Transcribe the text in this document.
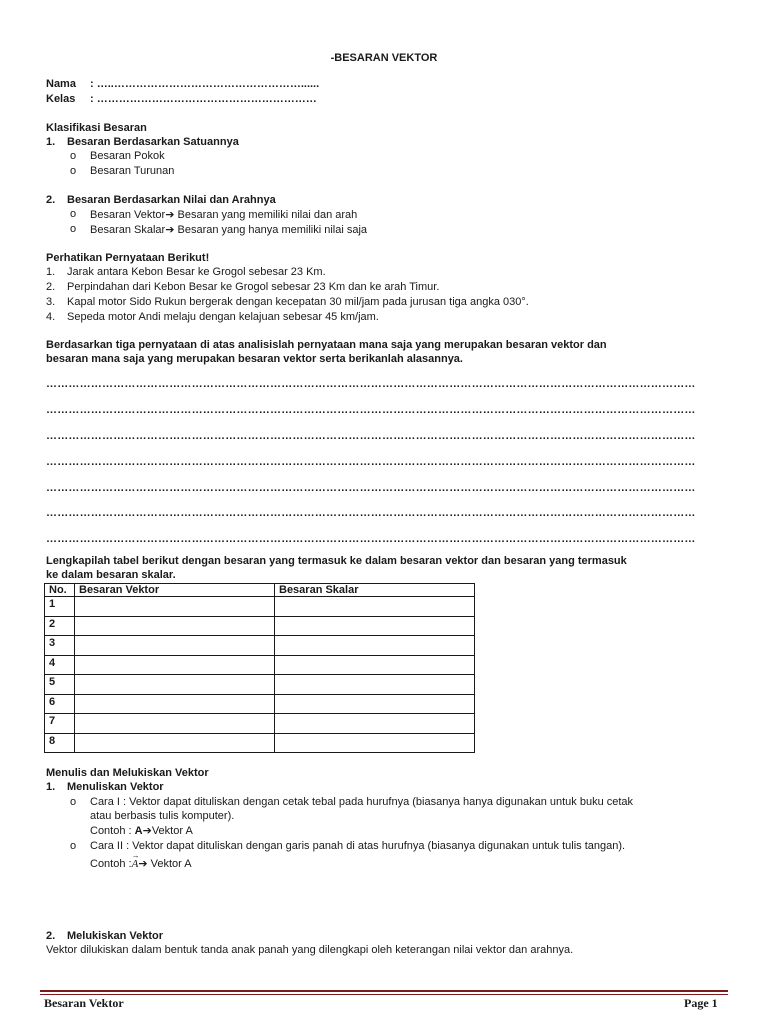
-BESARAN VEKTOR
Nama : …..……………………………………………......
Kelas : ……………………………………………………
Klasifikasi Besaran
1. Besaran Berdasarkan Satuannya
o Besaran Pokok
o Besaran Turunan
2. Besaran Berdasarkan Nilai dan Arahnya
o Besaran Vektor➔ Besaran yang memiliki nilai dan arah
o Besaran Skalar➔ Besaran yang hanya memiliki nilai saja
Perhatikan Pernyataan Berikut!
1. Jarak antara Kebon Besar ke Grogol sebesar 23 Km.
2. Perpindahan dari Kebon Besar ke Grogol sebesar 23 Km dan ke arah Timur.
3. Kapal motor Sido Rukun bergerak dengan kecepatan 30 mil/jam pada jurusan tiga angka 030°.
4. Sepeda motor Andi melaju dengan kelajuan sebesar 45 km/jam.
Berdasarkan tiga pernyataan di atas analisislah pernyataan mana saja yang merupakan besaran vektor dan
besaran mana saja yang merupakan besaran vektor serta berikanlah alasannya.
…………………………………………………………………………………………………………………………………………………………
…………………………………………………………………………………………………………………………………………………………
…………………………………………………………………………………………………………………………………………………………
…………………………………………………………………………………………………………………………………………………………
…………………………………………………………………………………………………………………………………………………………
…………………………………………………………………………………………………………………………………………………………
…………………………………………………………………………………………………………………………………………………………
Lengkapilah tabel berikut dengan besaran yang termasuk ke dalam besaran vektor dan besaran yang termasuk
ke dalam besaran skalar.
No.	Besaran Vektor	Besaran Skalar
1		
2		
3		
4		
5		
6		
7		
8		
Menulis dan Melukiskan Vektor
1. Menuliskan Vektor
o Cara I : Vektor dapat dituliskan dengan cetak tebal pada hurufnya (biasanya hanya digunakan untuk buku cetak
atau berbasis tulis komputer).
Contoh : A➔Vektor A
o Cara II : Vektor dapat dituliskan dengan garis panah di atas hurufnya (biasanya digunakan untuk tulis tangan).
Contoh :→ A➔ Vektor A
2. Melukiskan Vektor
Vektor dilukiskan dalam bentuk tanda anak panah yang dilengkapi oleh keterangan nilai vektor dan arahnya.
Besaran Vektor	Page 1
